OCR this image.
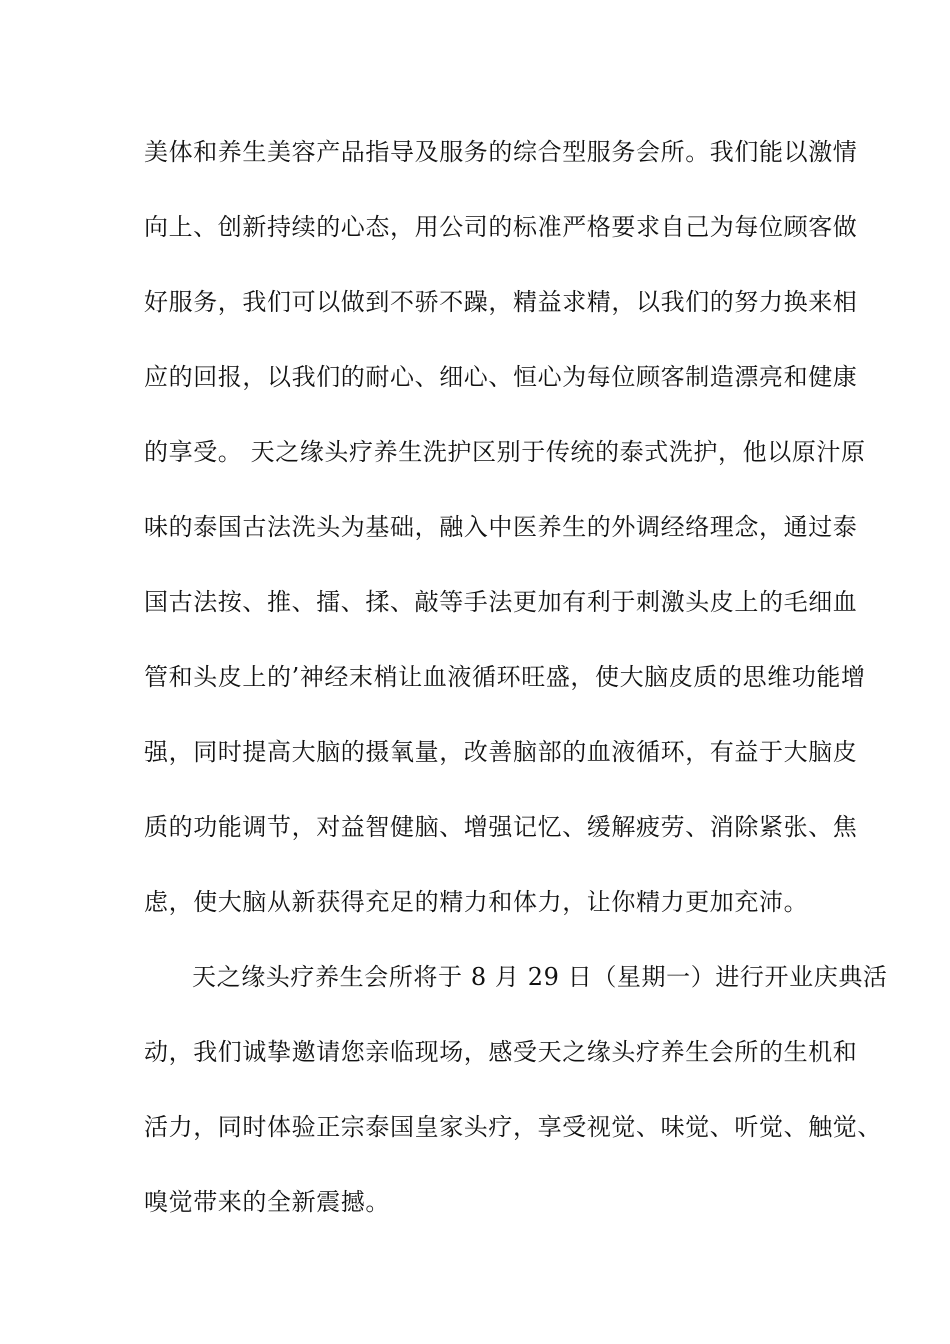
美体和养生美容产品指导及服务的综合型服务会所。我们能以激情
向上、创新持续的心态，用公司的标准严格要求自己为每位顾客做
好服务，我们可以做到不骄不躁，精益求精，以我们的努力换来相
应的回报，以我们的耐心、细心、恒心为每位顾客制造漂亮和健康
的享受。 天之缘头疗养生洗护区别于传统的泰式洗护，他以原汁原
味的泰国古法洗头为基础，融入中医养生的外调经络理念，通过泰
国古法按、推、擂、揉、敲等手法更加有利于刺激头皮上的毛细血
管和头皮上的’神经末梢让血液循环旺盛，使大脑皮质的思维功能增
强，同时提高大脑的摄氧量，改善脑部的血液循环，有益于大脑皮
质的功能调节，对益智健脑、增强记忆、缓解疲劳、消除紧张、焦
虑，使大脑从新获得充足的精力和体力，让你精力更加充沛。
天之缘头疗养生会所将于 8 月 29 日（星期一）进行开业庆典活
动，我们诚挚邀请您亲临现场，感受天之缘头疗养生会所的生机和
活力，同时体验正宗泰国皇家头疗，享受视觉、味觉、听觉、触觉、
嗅觉带来的全新震撼。
